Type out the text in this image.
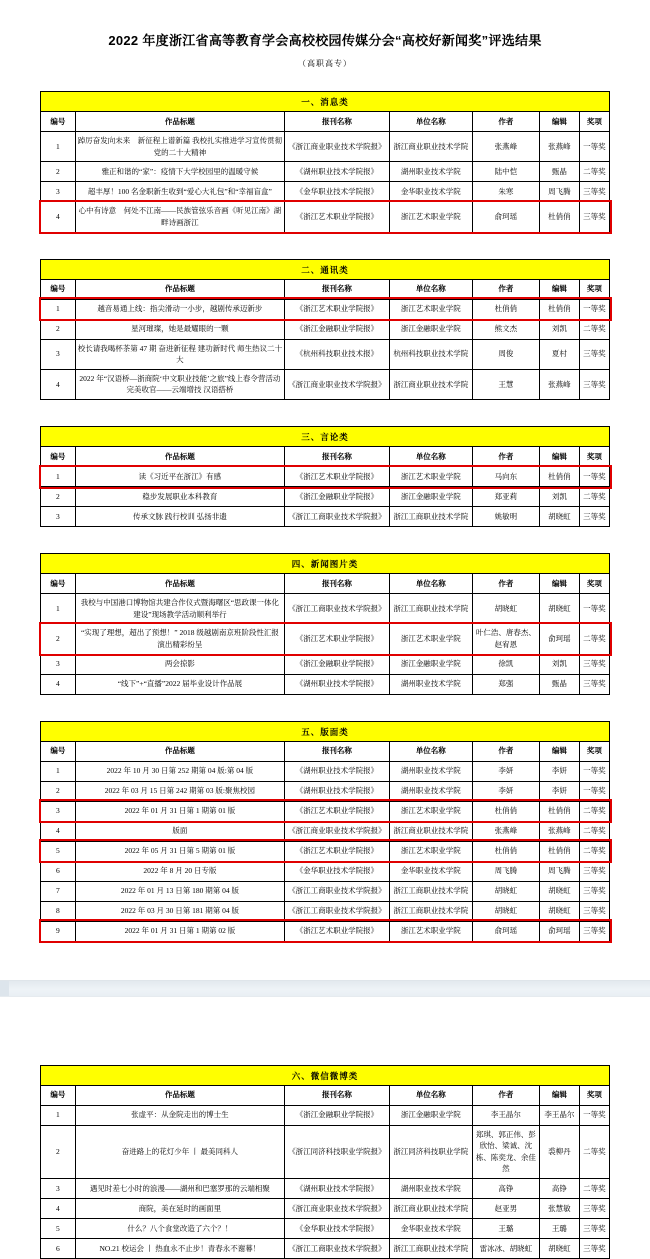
2022 年度浙江省高等教育学会高校校园传媒分会“高校好新闻奖”评选结果
（高职高专）
一、消息类
编号	作品标题	报刊名称	单位名称	作者	编辑	奖项
1	踔厉奋发向未来　新征程上谱新篇 我校扎实推进学习宣传贯彻党的二十大精神	《浙江商业职业技术学院报》	浙江商业职业技术学院	张燕峰	张燕峰	一等奖
2	雅正和谐的“家”：疫情下大学校园里的温暖守候	《湖州职业技术学院报》	湖州职业技术学院	陆中恺	甄晶	二等奖
3	超丰厚！100 名金职新生收到“爱心大礼包”和“幸福盲盒”	《金华职业技术学院报》	金华职业技术学院	朱寒	周飞腾	三等奖
4	心中有诗意　何处不江南——民族管弦乐音画《听见江南》湖畔诗画浙江	《浙江艺术职业学院报》	浙江艺术职业学院	俞珂瑶	杜俏俏	三等奖
二、通讯类
编号	作品标题	报刊名称	单位名称	作者	编辑	奖项
1	越音易通上线：指尖滑动一小步，越剧传承迈新步	《浙江艺术职业学院报》	浙江艺术职业学院	杜俏俏	杜俏俏	一等奖
2	星河璀璨，她是最耀眼的一颗	《浙江金融职业学院报》	浙江金融职业学院	熊文杰	刘凯	二等奖
3	校长请我喝杯茶第 47 期 奋进新征程 建功新时代 师生热议二十大	《杭州科技职业技术报》	杭州科技职业技术学院	周俊	夏村	三等奖
4	2022 年“汉语桥—浙商院‘中文职业技能’之旅”线上春令营活动完美收官——云端增技 汉语搭桥	《浙江商业职业技术学院报》	浙江商业职业技术学院	王慧	张燕峰	三等奖
三、言论类
编号	作品标题	报刊名称	单位名称	作者	编辑	奖项
1	读《习近平在浙江》有感	《浙江艺术职业学院报》	浙江艺术职业学院	马向东	杜俏俏	一等奖
2	稳步发展职业本科教育	《浙江金融职业学院报》	浙江金融职业学院	郑亚莉	刘凯	二等奖
3	传承文脉 践行校训 弘扬非遗	《浙江工商职业技术学院报》	浙江工商职业技术学院	姚敏明	胡晓虹	三等奖
四、新闻图片类
编号	作品标题	报刊名称	单位名称	作者	编辑	奖项
1	我校与中国港口博物馆共建合作仪式暨海曙区“思政课一体化建设”现场教学活动顺利举行	《浙江工商职业技术学院报》	浙江工商职业技术学院	胡晓虹	胡晓虹	一等奖
2	“实现了理想，超出了预想！” 2018 级越剧南京班阶段性汇报演出精彩纷呈	《浙江艺术职业学院报》	浙江艺术职业学院	叶仁浩、唐春杰、赵宥恩	俞珂瑶	二等奖
3	两会掠影	《浙江金融职业学院报》	浙江金融职业学院	徐凯	刘凯	三等奖
4	“线下”+“直播”2022 届毕业设计作品展	《湖州职业技术学院报》	湖州职业技术学院	郑强	甄晶	三等奖
五、版面类
编号	作品标题	报刊名称	单位名称	作者	编辑	奖项
1	2022 年 10 月 30 日第 252 期第 04 版:第 04 版	《湖州职业技术学院报》	湖州职业技术学院	李妍	李妍	一等奖
2	2022 年 03 月 15 日第 242 期第 03 版:聚焦校园	《湖州职业技术学院报》	湖州职业技术学院	李妍	李妍	一等奖
3	2022 年 01 月 31 日第 1 期第 01 版	《浙江艺术职业学院报》	浙江艺术职业学院	杜俏俏	杜俏俏	二等奖
4	版面	《浙江商业职业技术学院报》	浙江商业职业技术学院	张燕峰	张燕峰	二等奖
5	2022 年 05 月 31 日第 5 期第 01 版	《浙江艺术职业学院报》	浙江艺术职业学院	杜俏俏	杜俏俏	二等奖
6	2022 年 8 月 20 日专版	《金华职业技术学院报》	金华职业技术学院	周飞腾	周飞腾	三等奖
7	2022 年 01 月 13 日第 180 期第 04 版	《浙江工商职业技术学院报》	浙江工商职业技术学院	胡晓虹	胡晓虹	三等奖
8	2022 年 03 月 30 日第 181 期第 04 版	《浙江工商职业技术学院报》	浙江工商职业技术学院	胡晓虹	胡晓虹	三等奖
9	2022 年 01 月 31 日第 1 期第 02 版	《浙江艺术职业学院报》	浙江艺术职业学院	俞珂瑶	俞珂瑶	三等奖
六、微信微博类
编号	作品标题	报刊名称	单位名称	作者	编辑	奖项
1	张虚平：从金院走出的博士生	《浙江金融职业学院报》	浙江金融职业学院	李王晶尔	李王晶尔	一等奖
2	奋进路上的花灯少年 丨 最美同科人	《浙江同济科技职业学院报》	浙江同济科技职业学院	郑琪、郭正伟、彭欣怡、梁诚、沈栋、陈奕龙、余佳然	裘柳丹	二等奖
3	遇见时差七小时的浪漫——湖州和巴塞罗那的云端相聚	《湖州职业技术学院报》	湖州职业技术学院	高铮	高铮	二等奖
4	商院，美在延时的画面里	《浙江商业职业技术学院报》	浙江商业职业技术学院	赵亚男	张慧敏	三等奖
5	什么？八个食堂改造了六个？！	《金华职业技术学院报》	金华职业技术学院	王璐	王璐	三等奖
6	NO.21 校运会 丨 热血永不止步！青春永不谢幕！	《浙江工商职业技术学院报》	浙江工商职业技术学院	雷冰冰、胡晓虹	胡晓虹	三等奖
